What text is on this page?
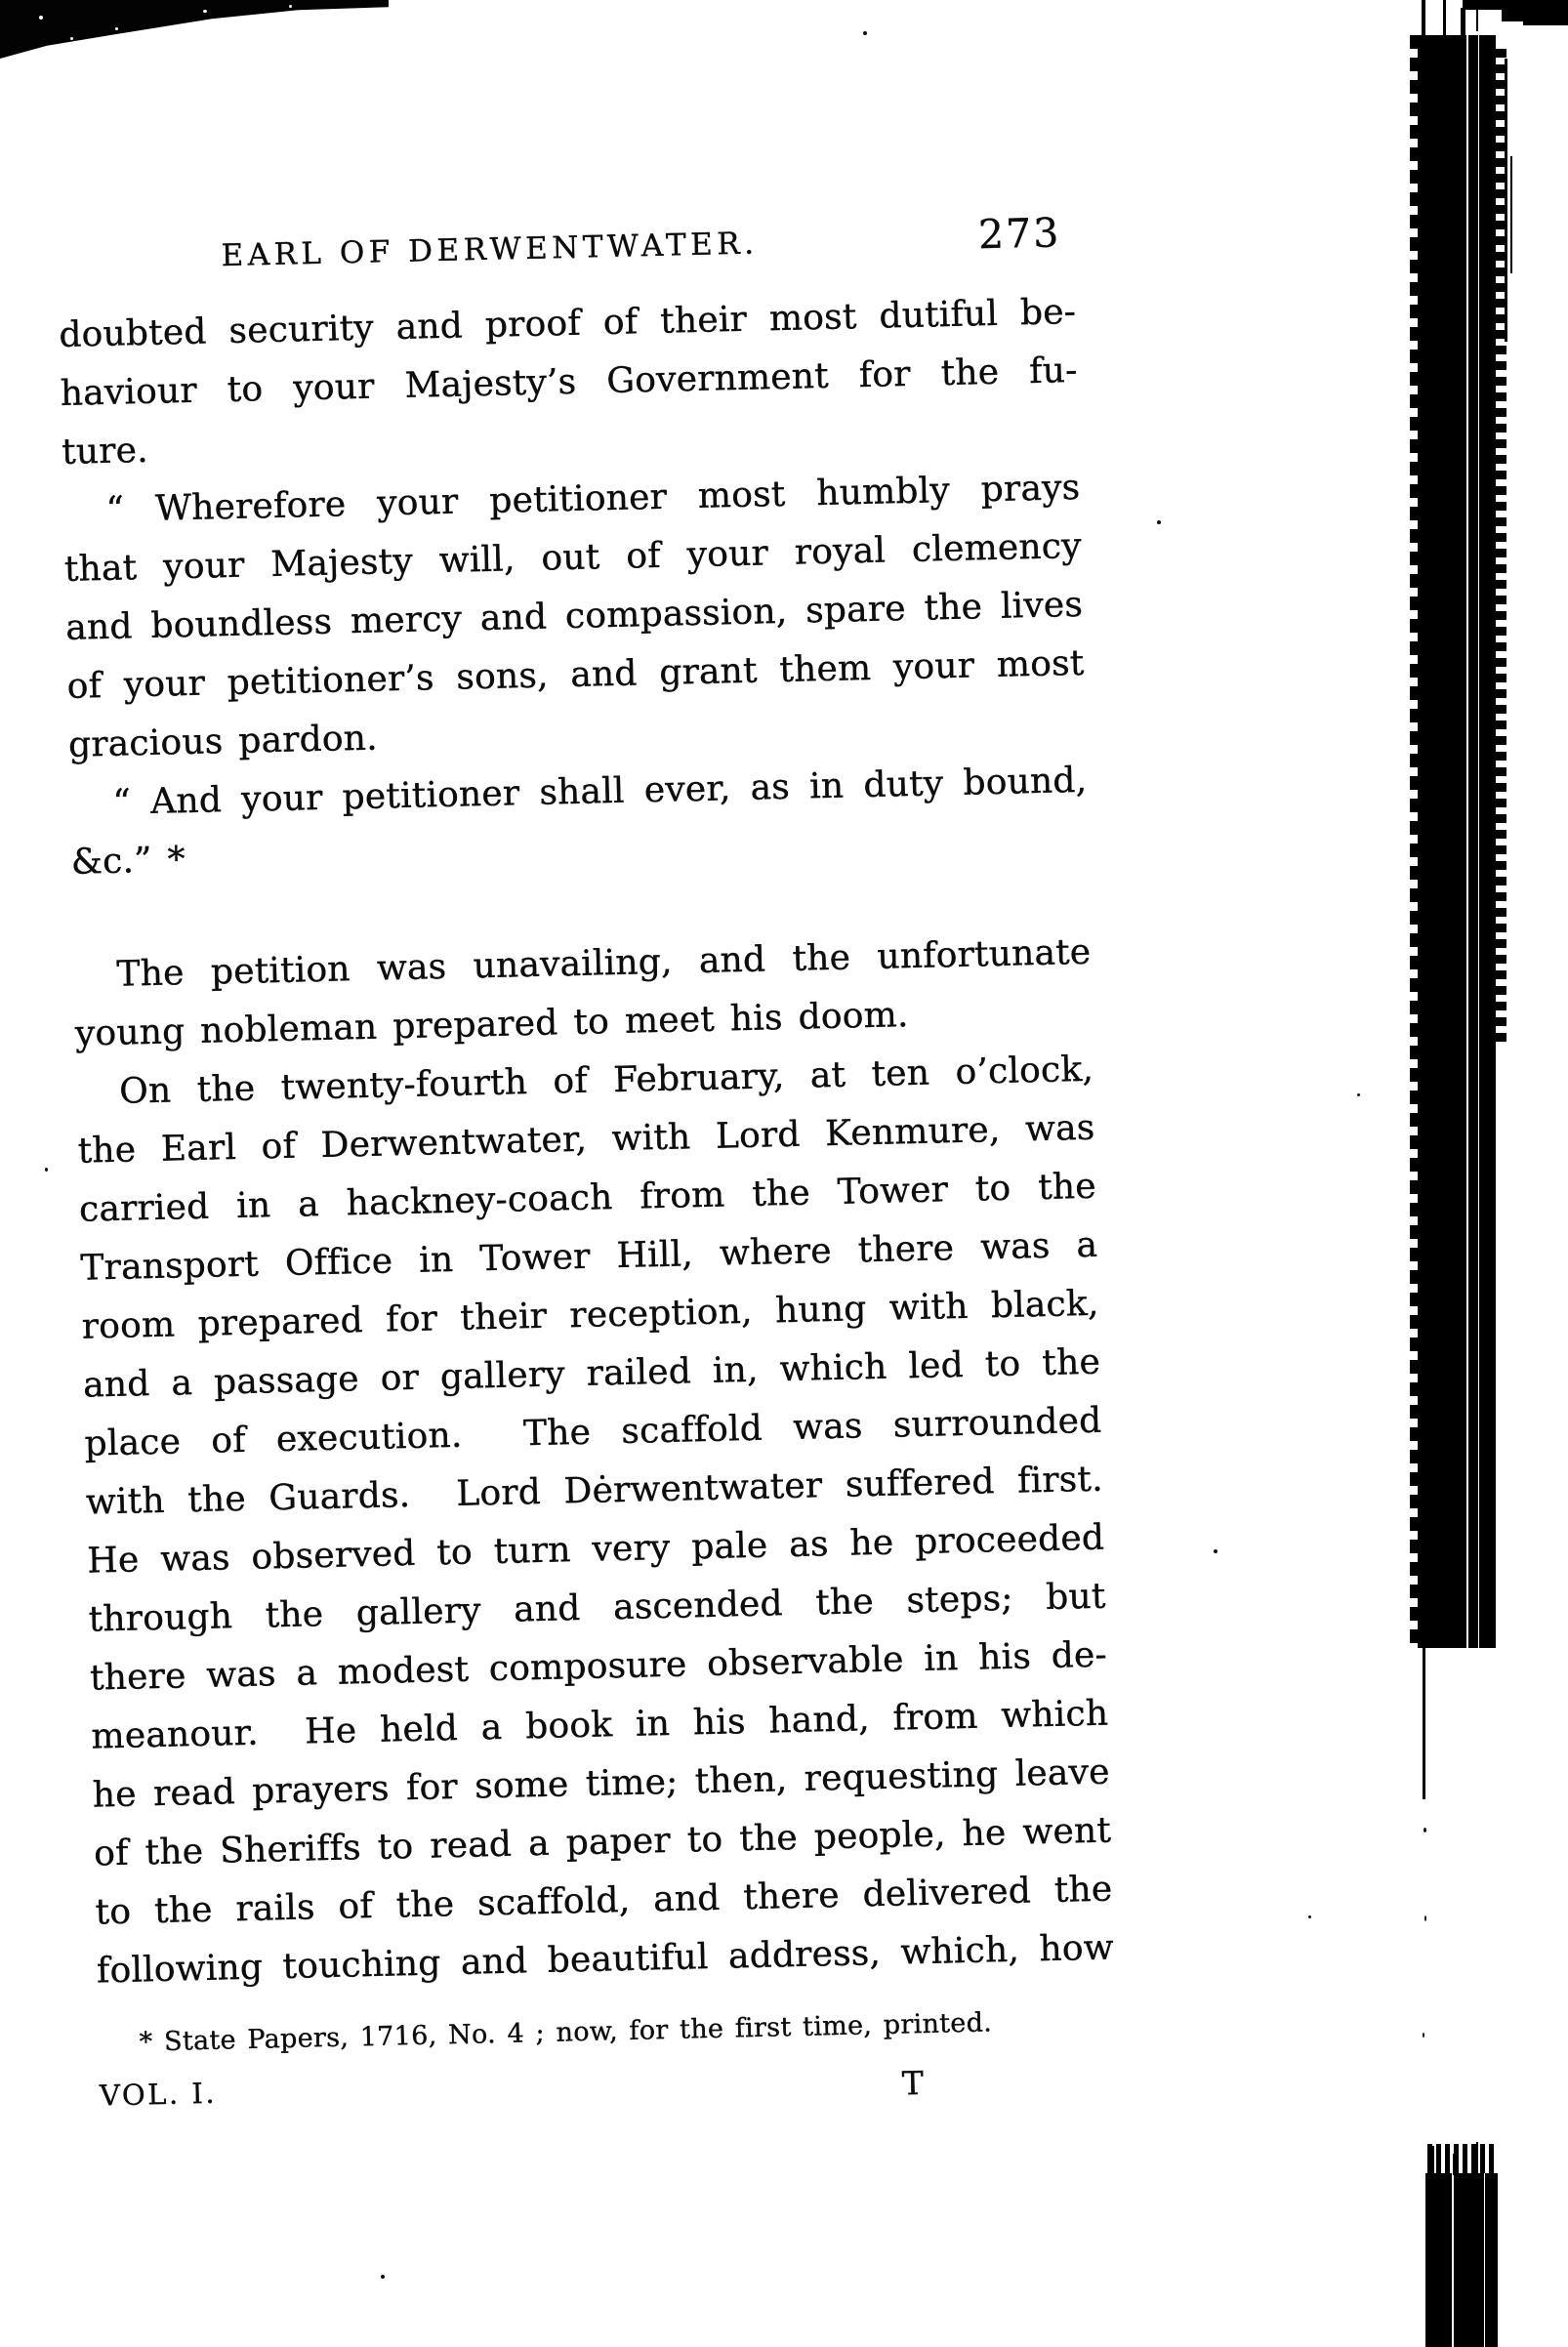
EARL OF DERWENTWATER.	273
doubted security and proof of their most dutiful be-
haviour to your Majesty’s Government for the fu-
ture.
“ Wherefore your petitioner most humbly prays
that your Majesty will, out of your royal clemency
and boundless mercy and compassion, spare the lives
of your petitioner’s sons, and grant them your most
gracious pardon.
“ And your petitioner shall ever, as in duty bound,
&c.” *
The petition was unavailing, and the unfortunate
young nobleman prepared to meet his doom.
On the twenty-fourth of February, at ten o’clock,
the Earl of Derwentwater, with Lord Kenmure, was
carried in a hackney-coach from the Tower to the
Transport Office in Tower Hill, where there was a
room prepared for their reception, hung with black,
and a passage or gallery railed in, which led to the
place of execution.  The scaffold was surrounded
with the Guards.  Lord Dėrwentwater suffered first.
He was observed to turn very pale as he proceeded
through the gallery and ascended the steps; but
there was a modest composure observable in his de-
meanour.  He held a book in his hand, from which
he read prayers for some time; then, requesting leave
of the Sheriffs to read a paper to the people, he went
to the rails of the scaffold, and there delivered the
following touching and beautiful address, which, how
* State Papers, 1716, No. 4 ; now, for the first time, printed.
VOL. I.	T
